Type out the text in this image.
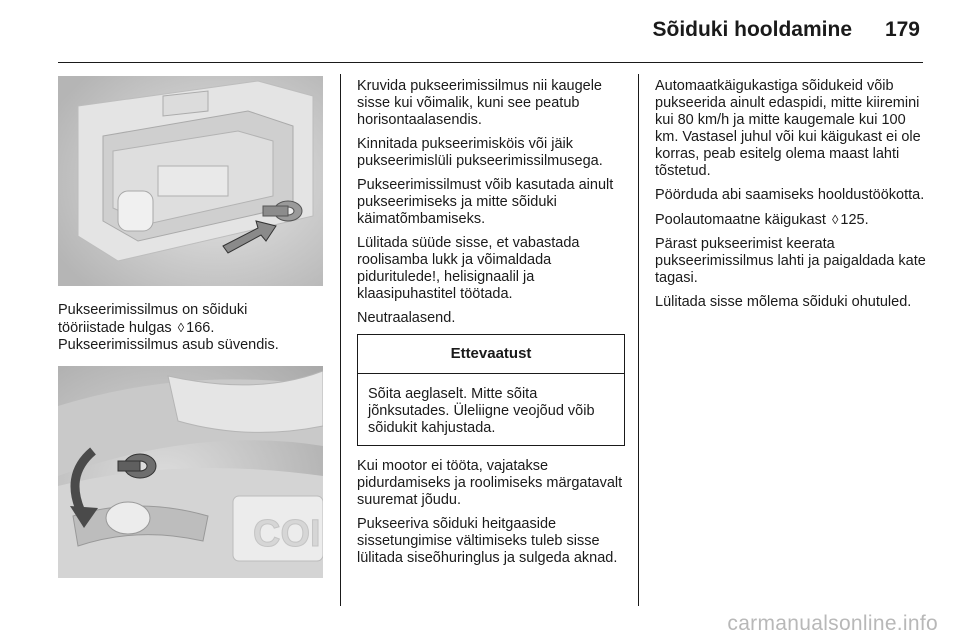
Sõiduki hooldamine 179

Pukseerimissilmus on sõiduki

tööriistade hulgas ◊ 166.

Pukseerimissilmus asub süvendis.

COI

Kruvida pukseerimissilmus nii kaugele sisse kui võimalik, kuni see peatub horisontaalasendis.

Kinnitada pukseerimisköis või jäik pukseerimislüli pukseerimissilmusega.

Pukseerimissilmust võib kasutada ainult pukseerimiseks ja mitte sõiduki käimatõmbamiseks.

Lülitada süüde sisse, et vabastada roolisamba lukk ja võimaldada piduritulede!, helisignaalil ja klaasipuhastitel töötada.

Neutraalasend.

Ettevaatust
Sõita aeglaselt. Mitte sõita jõnksutades. Üleliigne veojõud võib sõidukit kahjustada.

Kui mootor ei tööta, vajatakse pidurdamiseks ja roolimiseks märgatavalt suuremat jõudu.

Pukseeriva sõiduki heitgaaside sissetungimise vältimiseks tuleb sisse lülitada siseõhuringlus ja sulgeda aknad.

Automaatkäigukastiga sõidukeid võib pukseerida ainult edaspidi, mitte kiiremini kui 80 km/h ja mitte kaugemale kui 100 km. Vastasel juhul või kui käigukast ei ole korras, peab esitelg olema maast lahti tõstetud.

Pöörduda abi saamiseks hooldustöökotta.

Poolautomaatne käigukast ◊ 125.

Pärast pukseerimist keerata pukseerimissilmus lahti ja paigaldada kate tagasi.

Lülitada sisse mõlema sõiduki ohutuled.

carmanualsonline.info
